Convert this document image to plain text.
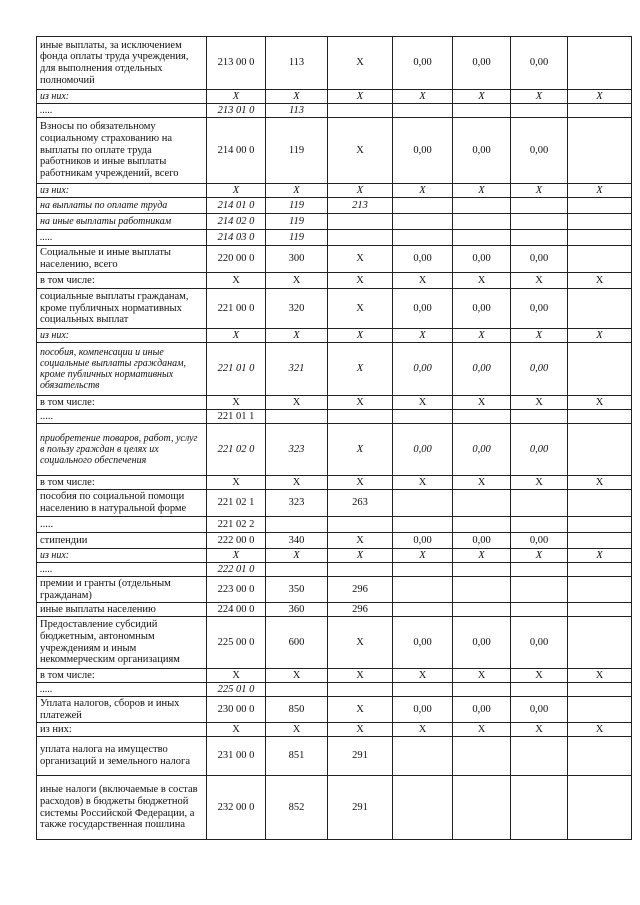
иные выплаты, за исключением фонда оплаты труда учреждения, для выполнения отдельных полномочий	213 00 0	113	X	0,00	0,00	0,00	
из них:	X	X	X	X	X	X	X
.....	213 01 0	113					
Взносы по обязательному социальному страхованию на выплаты по оплате труда работников и иные выплаты работникам учреждений, всего	214 00 0	119	X	0,00	0,00	0,00	
из них:	X	X	X	X	X	X	X
на выплаты по оплате труда	214 01 0	119	213				
на иные выплаты работникам	214 02 0	119					
.....	214 03 0	119					
Социальные и иные выплаты населению, всего	220 00 0	300	X	0,00	0,00	0,00	
в том числе:	X	X	X	X	X	X	X
социальные выплаты гражданам, кроме публичных нормативных социальных выплат	221 00 0	320	X	0,00	0,00	0,00	
из них:	X	X	X	X	X	X	X
пособия, компенсации и иные социальные выплаты гражданам, кроме публичных нормативных обязательств	221 01 0	321	X	0,00	0,00	0,00	
в том числе:	X	X	X	X	X	X	X
.....	221 01 1						
приобретение товаров, работ, услуг в пользу граждан в целях их социального обеспечения	221 02 0	323	X	0,00	0,00	0,00	
в том числе:	X	X	X	X	X	X	X
пособия по социальной помощи населению в натуральной форме	221 02 1	323	263				
.....	221 02 2						
стипендии	222 00 0	340	X	0,00	0,00	0,00	
из них:	X	X	X	X	X	X	X
.....	222 01 0						
премии и гранты (отдельным гражданам)	223 00 0	350	296				
иные выплаты населению	224 00 0	360	296				
Предоставление субсидий бюджетным, автономным учреждениям и иным некоммерческим организациям	225 00 0	600	X	0,00	0,00	0,00	
в том числе:	X	X	X	X	X	X	X
.....	225 01 0						
Уплата налогов, сборов и иных платежей	230 00 0	850	X	0,00	0,00	0,00	
из них:	X	X	X	X	X	X	X
уплата налога на имущество организаций и земельного налога	231 00 0	851	291				
иные налоги (включаемые в состав расходов) в бюджеты бюджетной системы Российской Федерации, а также государственная пошлина	232 00 0	852	291				
